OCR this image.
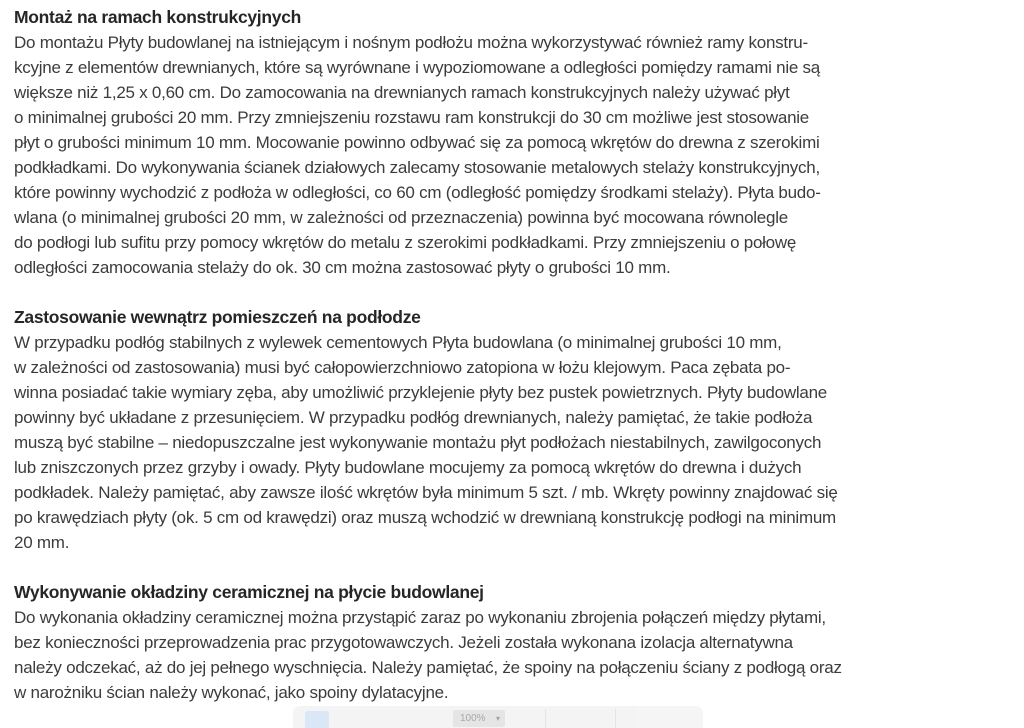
Montaż na ramach konstrukcyjnych
Do montażu Płyty budowlanej na istniejącym i nośnym podłożu można wykorzystywać również ramy konstru-
kcyjne z elementów drewnianych, które są wyrównane i wypoziomowane a odległości pomiędzy ramami nie są
większe niż 1,25 x 0,60 cm. Do zamocowania na drewnianych ramach konstrukcyjnych należy używać płyt
o minimalnej grubości 20 mm. Przy zmniejszeniu rozstawu ram konstrukcji do 30 cm możliwe jest stosowanie
płyt o grubości minimum 10 mm. Mocowanie powinno odbywać się za pomocą wkrętów do drewna z szerokimi
podkładkami. Do wykonywania ścianek działowych zalecamy stosowanie metalowych stelaży konstrukcyjnych,
które powinny wychodzić z podłoża w odległości, co 60 cm (odległość pomiędzy środkami stelaży). Płyta budo-
wlana (o minimalnej grubości 20 mm, w zależności od przeznaczenia) powinna być mocowana równolegle
do podłogi lub sufitu przy pomocy wkrętów do metalu z szerokimi podkładkami. Przy zmniejszeniu o połowę
odległości zamocowania stelaży do ok. 30 cm można zastosować płyty o grubości 10 mm.
Zastosowanie wewnątrz pomieszczeń na podłodze
W przypadku podłóg stabilnych z wylewek cementowych Płyta budowlana (o minimalnej grubości 10 mm,
w zależności od zastosowania) musi być całopowierzchniowo zatopiona w łożu klejowym. Paca zębata po-
winna posiadać takie wymiary zęba, aby umożliwić przyklejenie płyty bez pustek powietrznych. Płyty budowlane
powinny być układane z przesunięciem. W przypadku podłóg drewnianych, należy pamiętać, że takie podłoża
muszą być stabilne – niedopuszczalne jest wykonywanie montażu płyt podłożach niestabilnych, zawilgoconych
lub zniszczonych przez grzyby i owady. Płyty budowlane mocujemy za pomocą wkrętów do drewna i dużych
podkładek. Należy pamiętać, aby zawsze ilość wkrętów była minimum 5 szt. / mb. Wkręty powinny znajdować się
po krawędziach płyty (ok. 5 cm od krawędzi) oraz muszą wchodzić w drewnianą konstrukcję podłogi na minimum
20 mm.
Wykonywanie okładziny ceramicznej na płycie budowlanej
Do wykonania okładziny ceramicznej można przystąpić zaraz po wykonaniu zbrojenia połączeń między płytami,
bez konieczności przeprowadzenia prac przygotowawczych. Jeżeli została wykonana izolacja alternatywna
należy odczekać, aż do jej pełnego wyschnięcia. Należy pamiętać, że spoiny na połączeniu ściany z podłogą oraz
w narożniku ścian należy wykonać, jako spoiny dylatacyjne.
100% ▾
